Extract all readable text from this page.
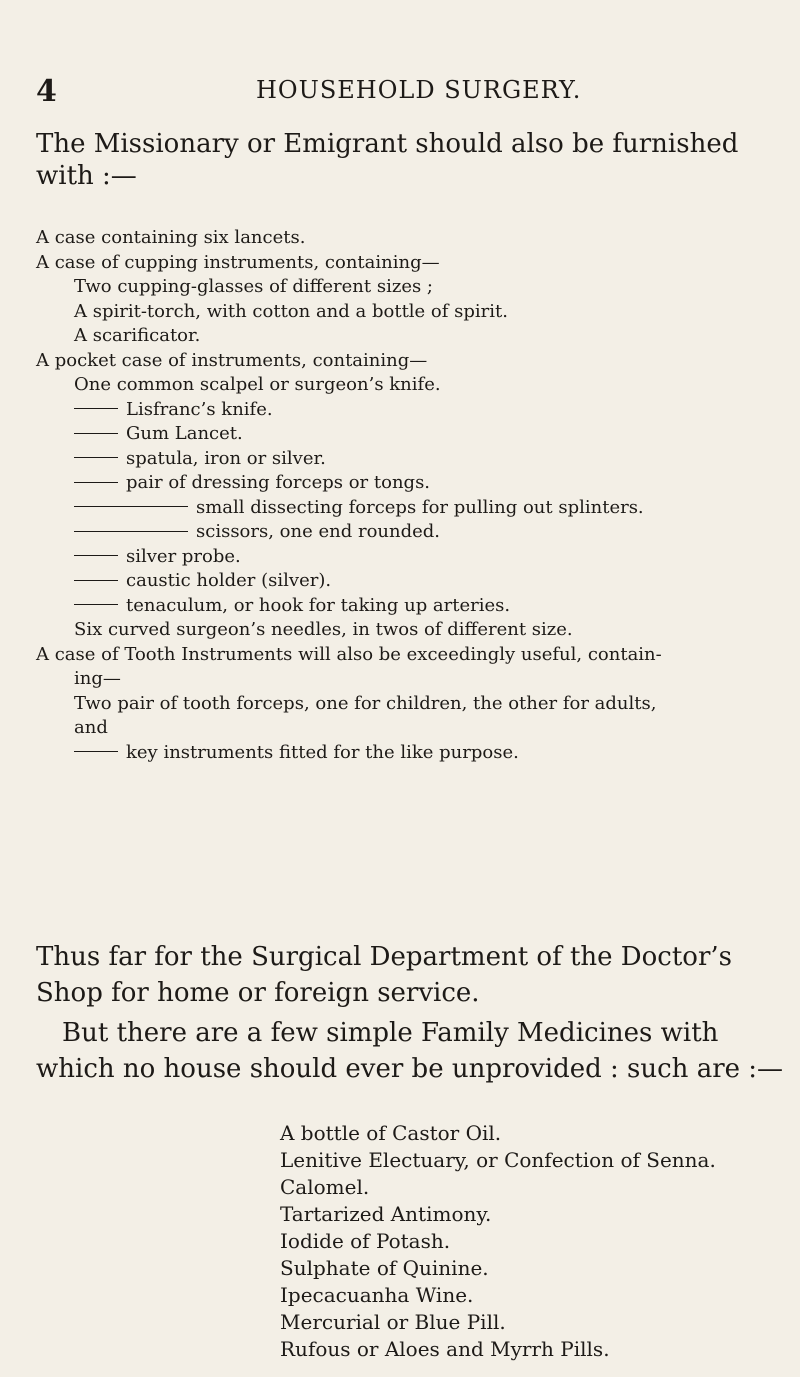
4	HOUSEHOLD SURGERY.
The Missionary or Emigrant should also be furnished
with :—
A case containing six lancets.
A case of cupping instruments, containing—
Two cupping-glasses of different sizes ;
A spirit-torch, with cotton and a bottle of spirit.
A scarificator.
A pocket case of instruments, containing—
One common scalpel or surgeon’s knife.
Lisfranc’s knife.
Gum Lancet.
spatula, iron or silver.
pair of dressing forceps or tongs.
small dissecting forceps for pulling out splinters.
scissors, one end rounded.
silver probe.
caustic holder (silver).
tenaculum, or hook for taking up arteries.
Six curved surgeon’s needles, in twos of different size.
A case of Tooth Instruments will also be exceedingly useful, contain-
ing—
Two pair of tooth forceps, one for children, the other for adults,
and
key instruments fitted for the like purpose.
Thus far for the Surgical Department of the Doctor’s
Shop for home or foreign service.
But there are a few simple Family Medicines with
which no house should ever be unprovided : such are :—
A bottle of Castor Oil.
Lenitive Electuary, or Confection of Senna.
Calomel.
Tartarized Antimony.
Iodide of Potash.
Sulphate of Quinine.
Ipecacuanha Wine.
Mercurial or Blue Pill.
Rufous or Aloes and Myrrh Pills.
